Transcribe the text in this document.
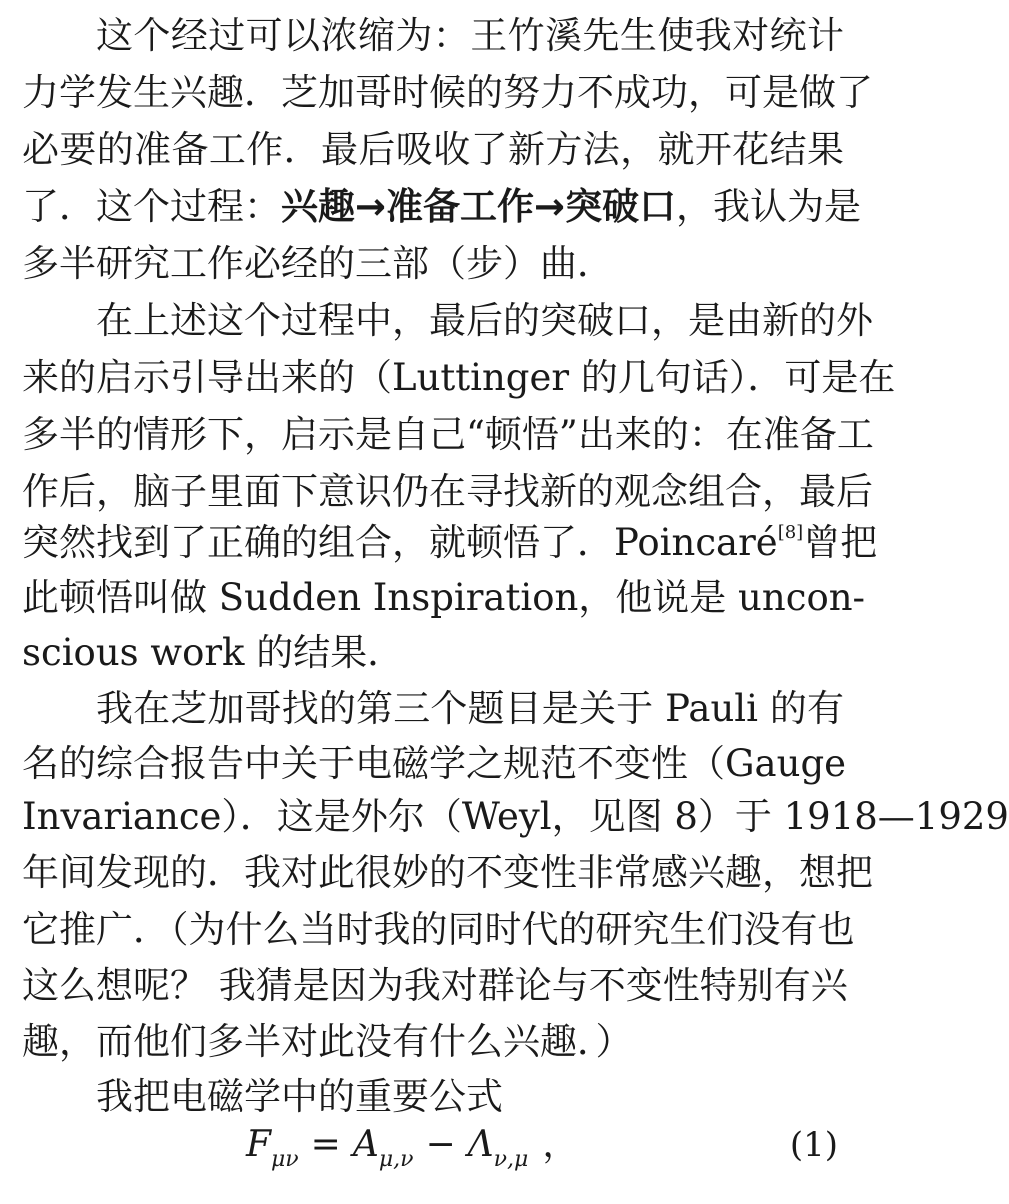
这个经过可以浓缩为：王竹溪先生使我对统计
力学发生兴趣．芝加哥时候的努力不成功，可是做了
必要的准备工作．最后吸收了新方法，就开花结果
了．这个过程：兴趣→准备工作→突破口，我认为是
多半研究工作必经的三部（步）曲．
在上述这个过程中，最后的突破口，是由新的外
来的启示引导出来的（Luttinger 的几句话）．可是在
多半的情形下，启示是自己“顿悟”出来的：在准备工
作后，脑子里面下意识仍在寻找新的观念组合，最后
突然找到了正确的组合，就顿悟了．Poincaré[8]曾把
此顿悟叫做 Sudden Inspiration，他说是 uncon-
scious work 的结果．
我在芝加哥找的第三个题目是关于 Pauli 的有
名的综合报告中关于电磁学之规范不变性（Gauge
Invariance）．这是外尔（Weyl，见图 8）于 1918—1929
年间发现的．我对此很妙的不变性非常感兴趣，想把
它推广．（为什么当时我的同时代的研究生们没有也
这么想呢？ 我猜是因为我对群论与不变性特别有兴
趣，而他们多半对此没有什么兴趣．）
我把电磁学中的重要公式
$F_{\mu\nu} = A_{\mu,\nu} - \Lambda_{\nu,\mu}$ ，	(1)
